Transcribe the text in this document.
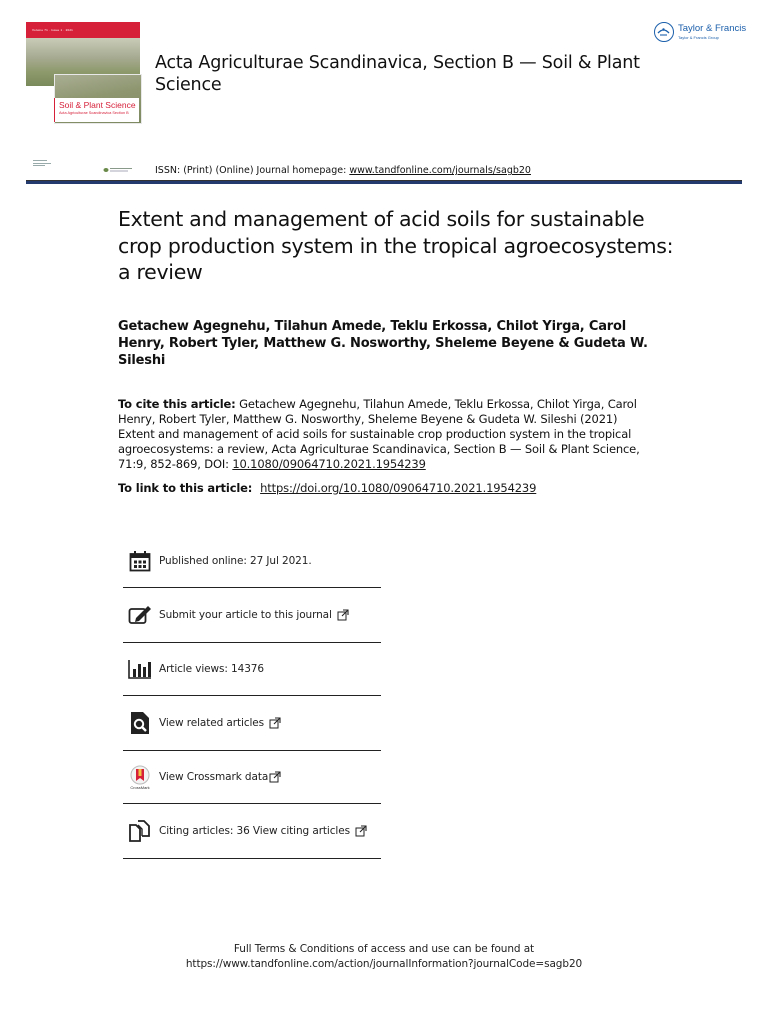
Volume 71 · Issue 1 · 2021
Soil & Plant Science
Acta Agriculturae Scandinavica Section B
Acta Agriculturae Scandinavica, Section B — Soil & Plant Science
Taylor & Francis
Taylor & Francis Group
ISSN: (Print) (Online) Journal homepage: www.tandfonline.com/journals/sagb20
Extent and management of acid soils for sustainable crop production system in the tropical agroecosystems: a review
Getachew Agegnehu, Tilahun Amede, Teklu Erkossa, Chilot Yirga, Carol Henry, Robert Tyler, Matthew G. Nosworthy, Sheleme Beyene & Gudeta W. Sileshi
To cite this article: Getachew Agegnehu, Tilahun Amede, Teklu Erkossa, Chilot Yirga, Carol Henry, Robert Tyler, Matthew G. Nosworthy, Sheleme Beyene & Gudeta W. Sileshi (2021) Extent and management of acid soils for sustainable crop production system in the tropical agroecosystems: a review, Acta Agriculturae Scandinavica, Section B — Soil & Plant Science, 71:9, 852-869, DOI: 10.1080/09064710.2021.1954239
To link to this article: https://doi.org/10.1080/09064710.2021.1954239
Published online: 27 Jul 2021.
Submit your article to this journal
Article views: 14376
View related articles
CrossMark
View Crossmark data
Citing articles: 36 View citing articles
Full Terms & Conditions of access and use can be found at
https://www.tandfonline.com/action/journalInformation?journalCode=sagb20
